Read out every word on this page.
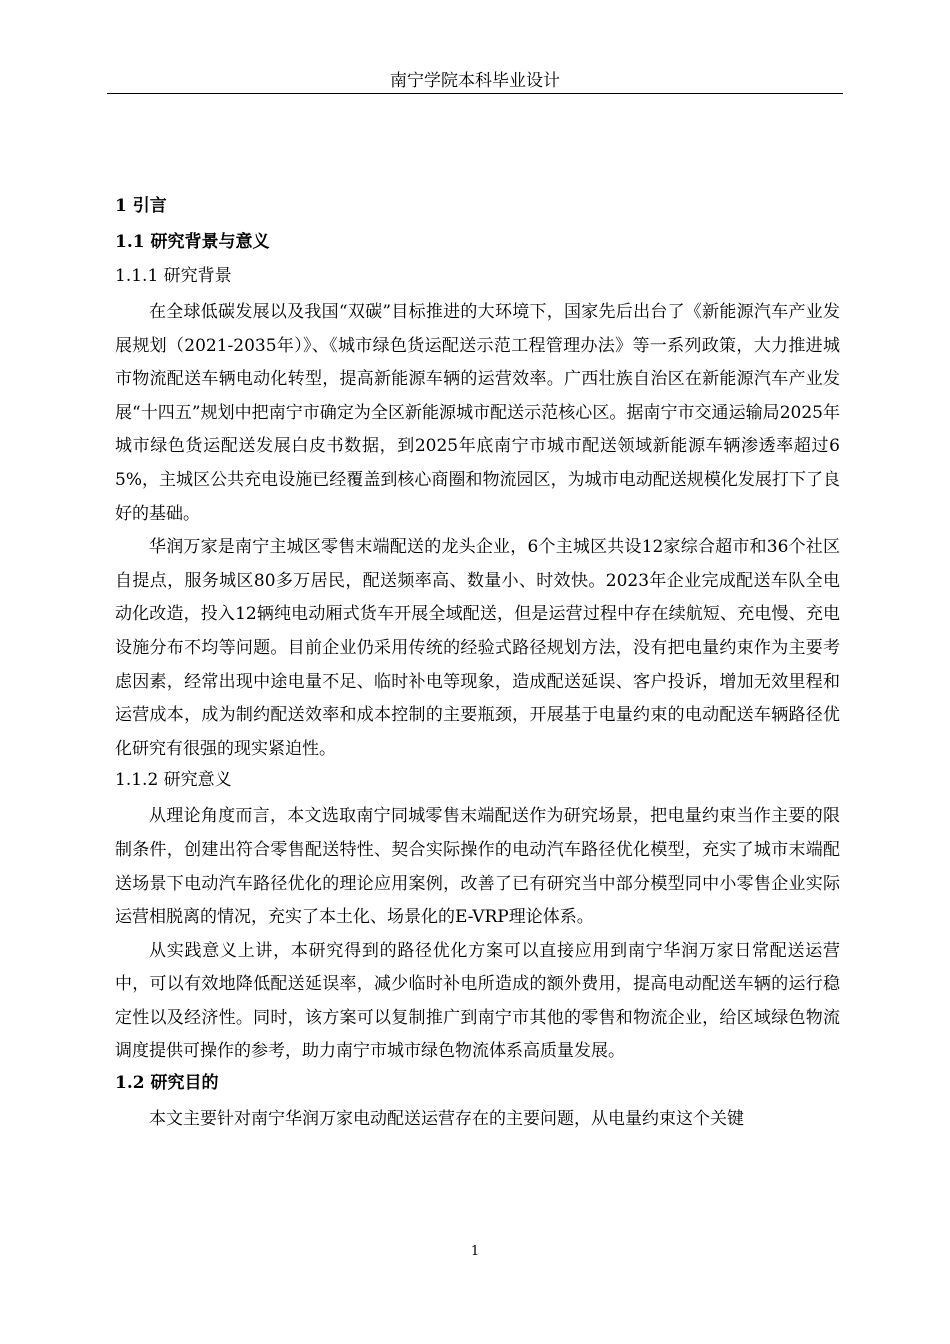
南宁学院本科毕业设计
1 引言
1.1 研究背景与意义
1.1.1 研究背景

在全球低碳发展以及我国“双碳”目标推进的大环境下，国家先后出台了《新能源汽车产业发展规划（2021-2035年）》、《城市绿色货运配送示范工程管理办法》等一系列政策，大力推进城市物流配送车辆电动化转型，提高新能源车辆的运营效率。广西壮族自治区在新能源汽车产业发展“十四五”规划中把南宁市确定为全区新能源城市配送示范核心区。据南宁市交通运输局2025年城市绿色货运配送发展白皮书数据，到2025年底南宁市城市配送领域新能源车辆渗透率超过65%，主城区公共充电设施已经覆盖到核心商圈和物流园区，为城市电动配送规模化发展打下了良好的基础。

华润万家是南宁主城区零售末端配送的龙头企业，6个主城区共设12家综合超市和36个社区自提点，服务城区80多万居民，配送频率高、数量小、时效快。2023年企业完成配送车队全电动化改造，投入12辆纯电动厢式货车开展全域配送，但是运营过程中存在续航短、充电慢、充电设施分布不均等问题。目前企业仍采用传统的经验式路径规划方法，没有把电量约束作为主要考虑因素，经常出现中途电量不足、临时补电等现象，造成配送延误、客户投诉，增加无效里程和运营成本，成为制约配送效率和成本控制的主要瓶颈，开展基于电量约束的电动配送车辆路径优化研究有很强的现实紧迫性。

1.1.2 研究意义

从理论角度而言，本文选取南宁同城零售末端配送作为研究场景，把电量约束当作主要的限制条件，创建出符合零售配送特性、契合实际操作的电动汽车路径优化模型，充实了城市末端配送场景下电动汽车路径优化的理论应用案例，改善了已有研究当中部分模型同中小零售企业实际运营相脱离的情况，充实了本土化、场景化的E-VRP理论体系。

从实践意义上讲，本研究得到的路径优化方案可以直接应用到南宁华润万家日常配送运营中，可以有效地降低配送延误率，减少临时补电所造成的额外费用，提高电动配送车辆的运行稳定性以及经济性。同时，该方案可以复制推广到南宁市其他的零售和物流企业，给区域绿色物流调度提供可操作的参考，助力南宁市城市绿色物流体系高质量发展。

1.2 研究目的

本文主要针对南宁华润万家电动配送运营存在的主要问题，从电量约束这个关键

1
